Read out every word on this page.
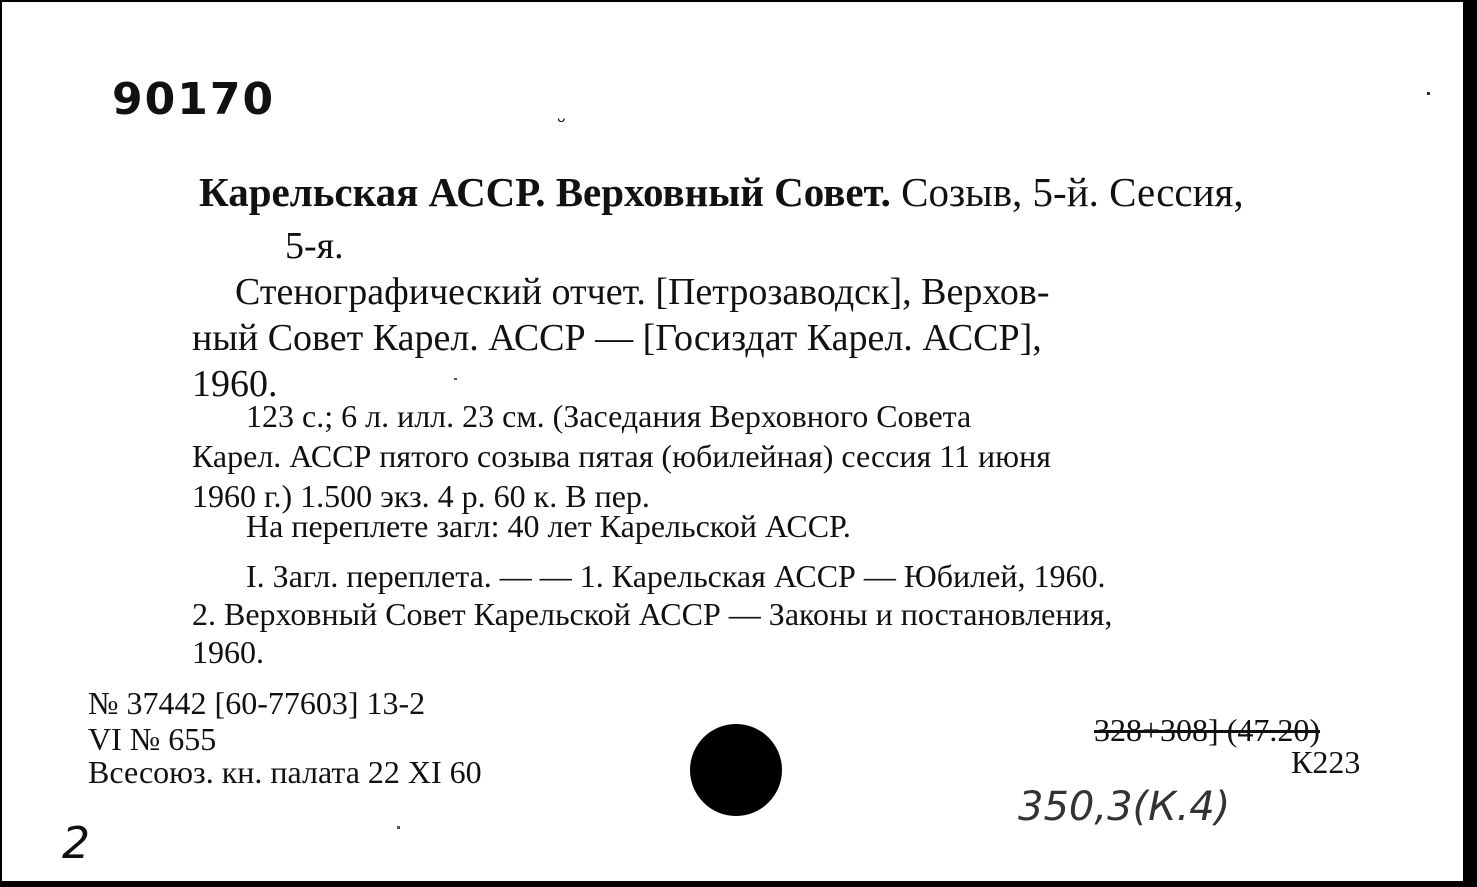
90170	ᵕ
Карельская АССР. Верховный Совет. Созыв, 5-й. Сессия,
5-я.
Стенографический отчет. [Петрозаводск], Верхов-
ный Совет Карел. АССР — [Госиздат Карел. АССР],
1960.
123 с.; 6 л. илл. 23 см. (Заседания Верховного Совета
Карел. АССР пятого созыва пятая (юбилейная) сессия 11 июня
1960 г.) 1.500 экз. 4 р. 60 к. В пер.
На переплете загл: 40 лет Карельской АССР.
I. Загл. переплета. — — 1. Карельская АССР — Юбилей, 1960.
2. Верховный Совет Карельской АССР — Законы и постановления,
1960.
№ 37442 [60-77603] 13-2
VI № 655
Всесоюз. кн. палата 22 XI 60
328+308] (47.20)
К223
350,3(К.4)
2
